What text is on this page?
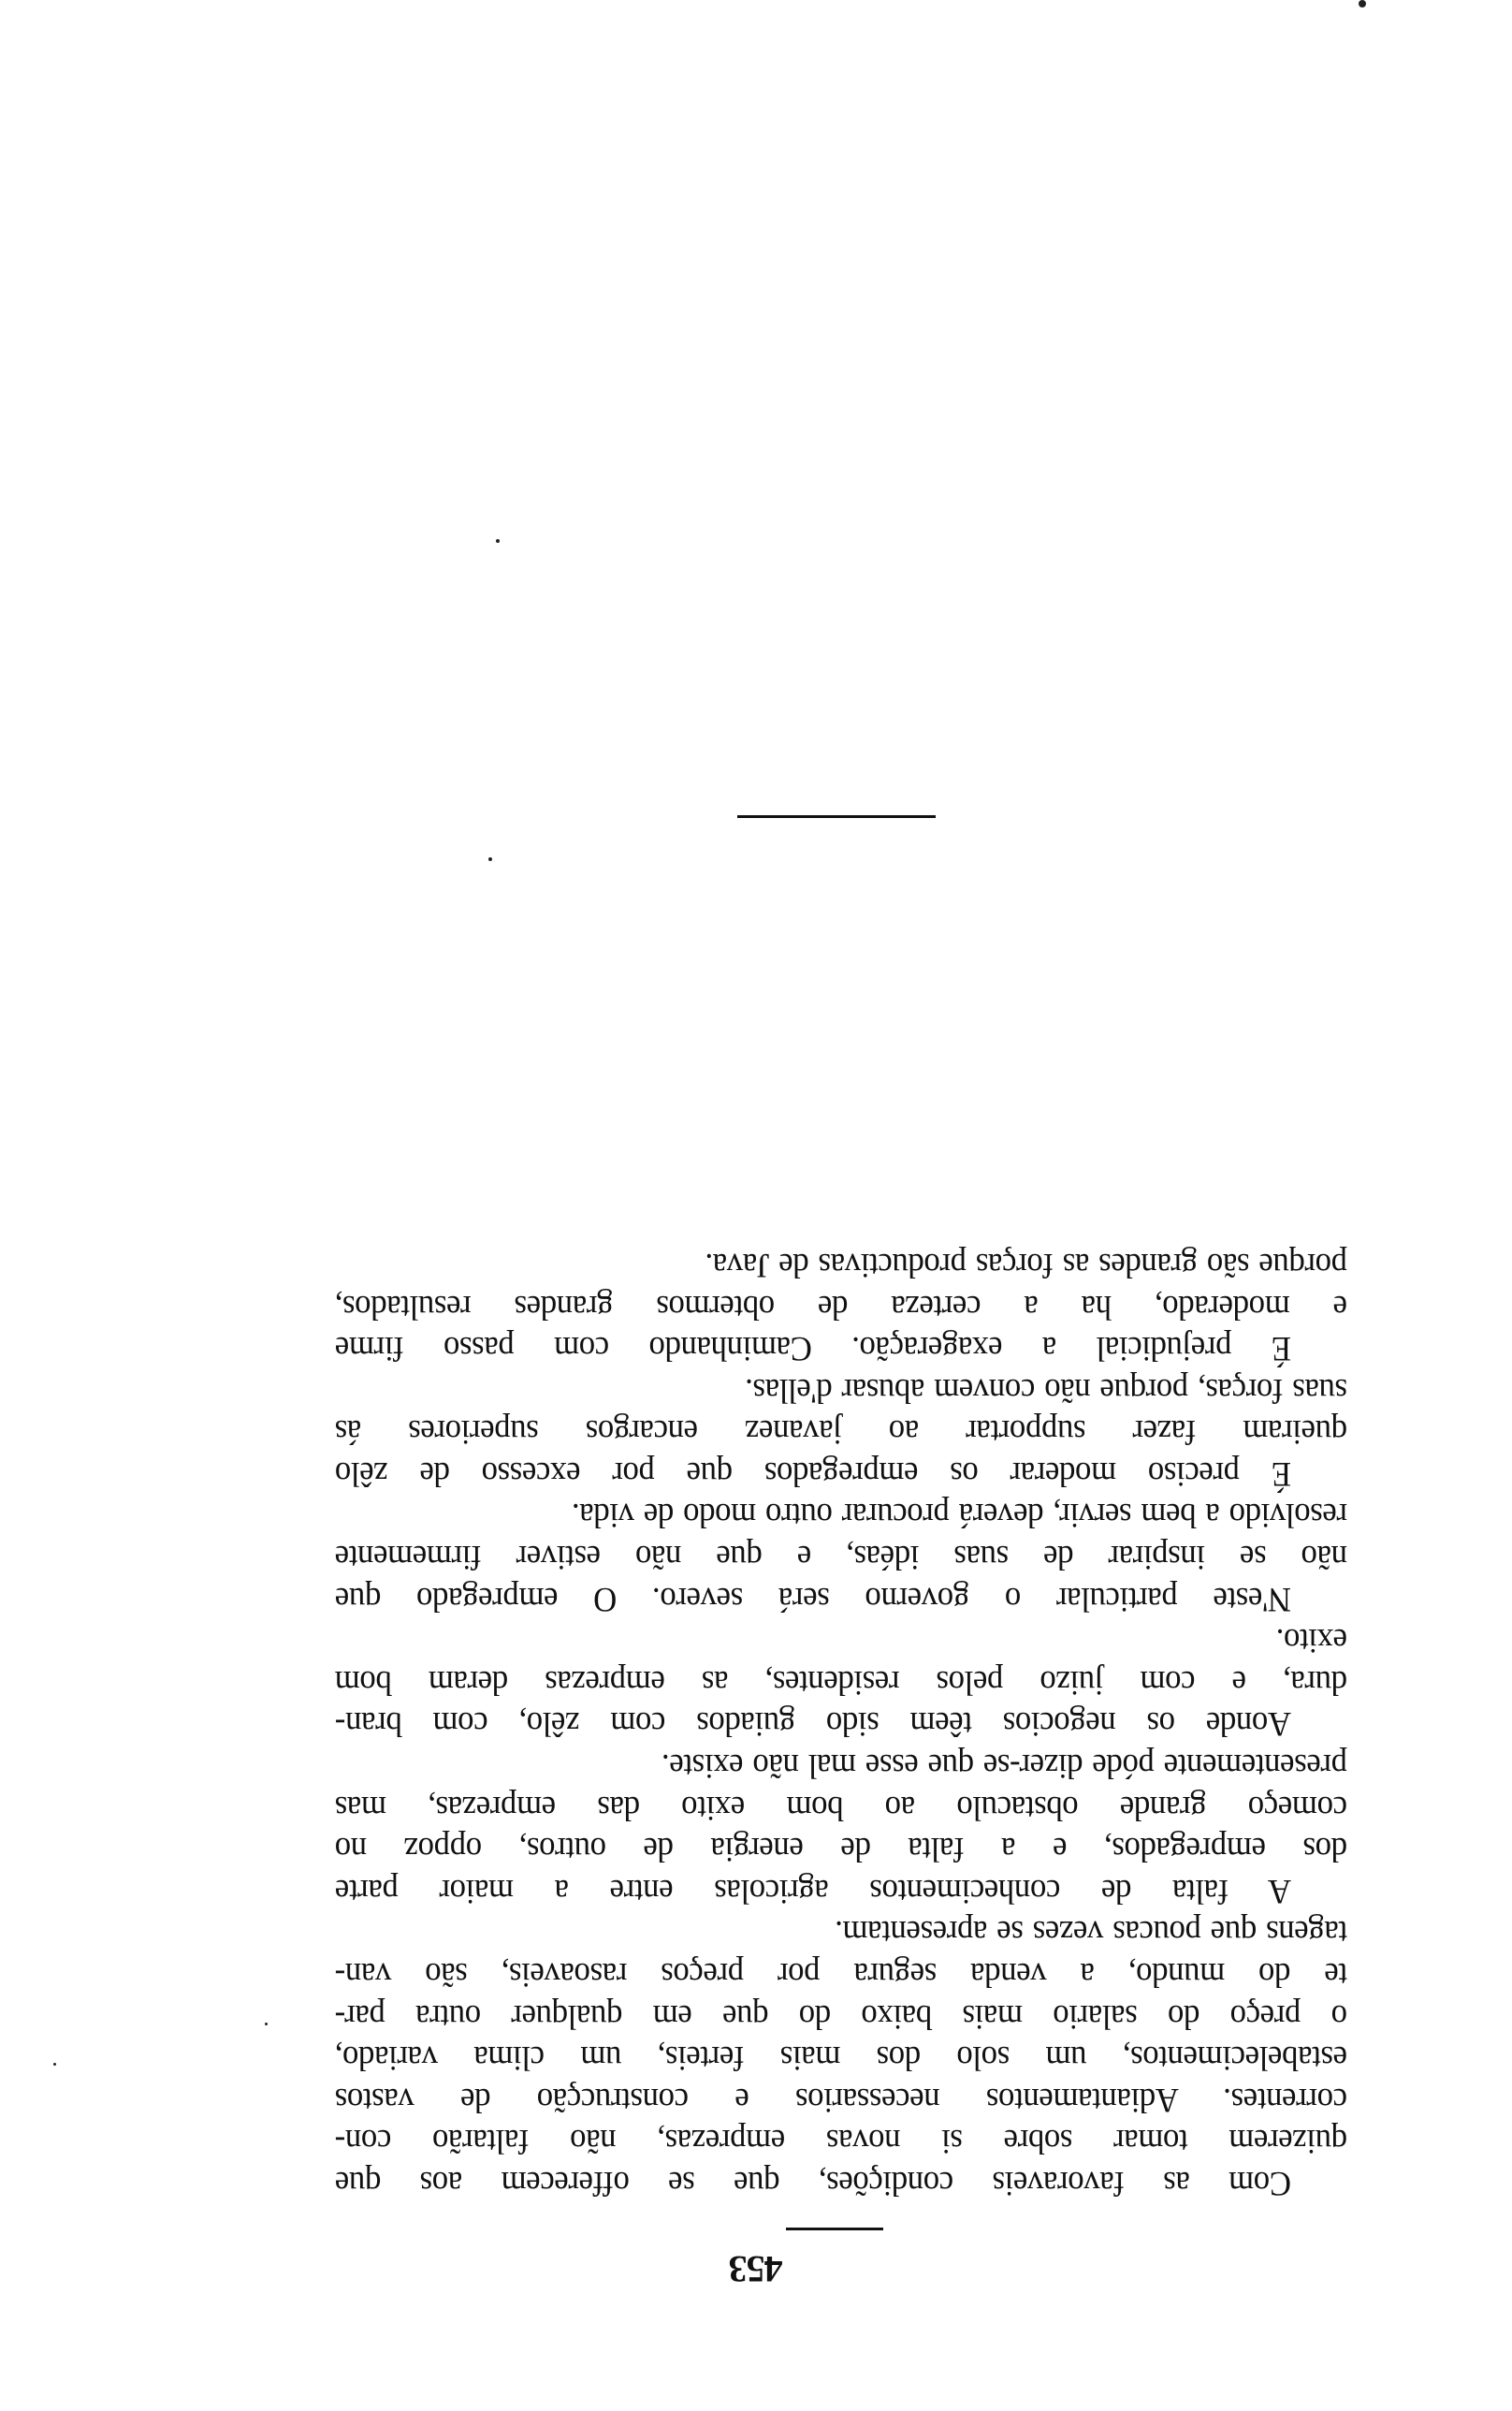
453

Com as favoraveis condições, que se offerecem aos que
quizerem tomar sobre si novas emprezas, não faltarão con-
correntes. Adiantamentos necessarios e construcção de vastos
estabelecimentos, um solo dos mais ferteis, um clima variado,
o preço do salario mais baixo do que em qualquer outra par-
te do mundo, a venda segura por preços rasoaveis, são van-
tagens que poucas vezes se apresentam.

A falta de conhecimentos agricolas entre a maior parte
dos empregados, e a falta de energia de outros, oppoz no
começo grande obstaculo ao bom exito das emprezas, mas
presentemente póde dizer-se que esse mal não existe.

Aonde os negocios têem sido guiados com zêlo, com bran-
dura, e com juizo pelos residentes, as emprezas deram bom
exito.

N'este particular o governo será severo. O empregado que
não se inspirar de suas idéas, e que não estiver firmemente
resolvido a bem servir, deverá procurar outro modo de vida.

É preciso moderar os empregados que por excesso de zêlo
queiram fazer supportar ao javanez encargos superiores ás
suas forças, porque não convem abusar d'ellas.

É prejudicial a exageração. Caminhando com passo firme
e moderado, ha a certeza de obtermos grandes resultados,
porque são grandes as forças productivas de Java.
